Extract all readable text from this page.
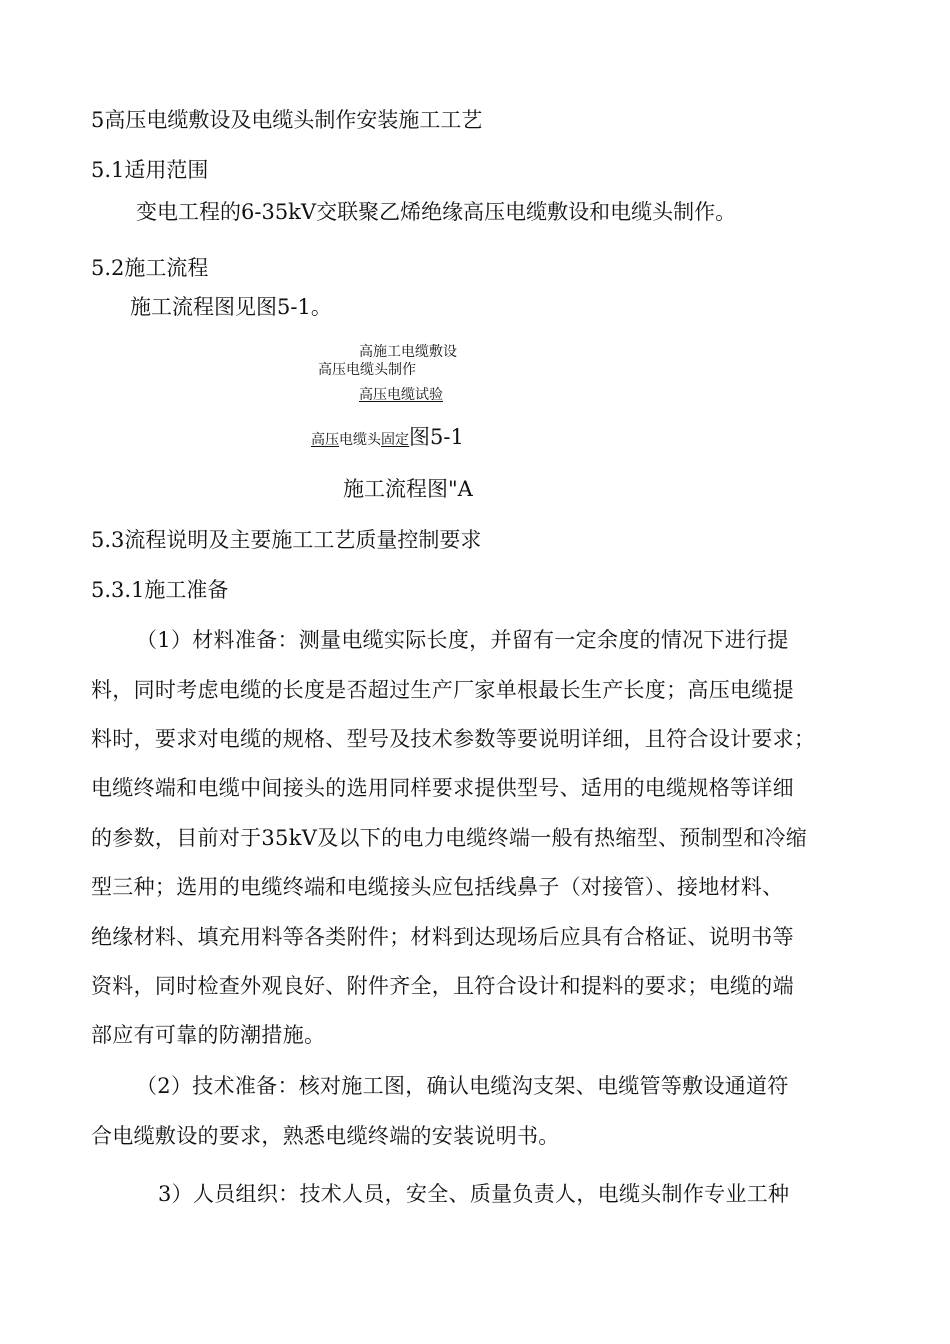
5高压电缆敷设及电缆头制作安装施工工艺
5.1适用范围
变电工程的6-35kV交联聚乙烯绝缘高压电缆敷设和电缆头制作。
5.2施工流程
施工流程图见图5-1。
高施工电缆敷设
高压电缆头制作
高压电缆试验
高压电缆头固定图5-1
施工流程图"A
5.3流程说明及主要施工工艺质量控制要求
5.3.1施工准备
（1）材料准备：测量电缆实际长度，并留有一定余度的情况下进行提
料，同时考虑电缆的长度是否超过生产厂家单根最长生产长度；高压电缆提
料时，要求对电缆的规格、型号及技术参数等要说明详细，且符合设计要求；
电缆终端和电缆中间接头的选用同样要求提供型号、适用的电缆规格等详细
的参数，目前对于35kV及以下的电力电缆终端一般有热缩型、预制型和冷缩
型三种；选用的电缆终端和电缆接头应包括线鼻子（对接管）、接地材料、
绝缘材料、填充用料等各类附件；材料到达现场后应具有合格证、说明书等
资料，同时检查外观良好、附件齐全，且符合设计和提料的要求；电缆的端
部应有可靠的防潮措施。
（2）技术准备：核对施工图，确认电缆沟支架、电缆管等敷设通道符
合电缆敷设的要求，熟悉电缆终端的安装说明书。
3）人员组织：技术人员，安全、质量负责人，电缆头制作专业工种
